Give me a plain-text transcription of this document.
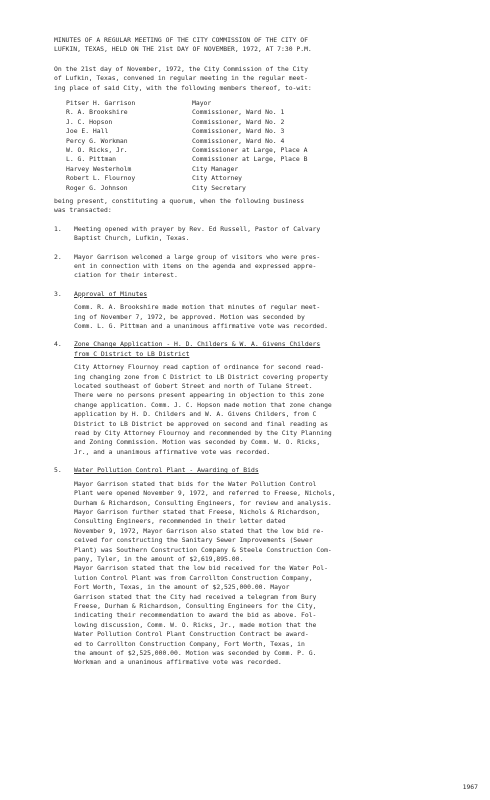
MINUTES OF A REGULAR MEETING OF THE CITY COMMISSION OF THE CITY OF

LUFKIN, TEXAS, HELD ON THE 21st DAY OF NOVEMBER, 1972, AT 7:30 P.M.

On the 21st day of November, 1972, the City Commission of the City

of Lufkin, Texas, convened in regular meeting in the regular meet-

ing place of said City, with the following members thereof, to-wit:

Pitser H. Garrison	Mayor
R. A. Brookshire	Commissioner, Ward No. 1
J. C. Hopson	Commissioner, Ward No. 2
Joe E. Hall	Commissioner, Ward No. 3
Percy G. Workman	Commissioner, Ward No. 4
W. O. Ricks, Jr.	Commissioner at Large, Place A
L. G. Pittman	Commissioner at Large, Place B
Harvey Westerholm	City Manager
Robert L. Flournoy	City Attorney
Roger G. Johnson	City Secretary

being present, constituting a quorum, when the following business

was transacted:

1.	Meeting opened with prayer by Rev. Ed Russell, Pastor of Calvary

Baptist Church, Lufkin, Texas.

2.	Mayor Garrison welcomed a large group of visitors who were pres-

ent in connection with items on the agenda and expressed appre-

ciation for their interest.

3.	Approval of Minutes

Comm. R. A. Brookshire made motion that minutes of regular meet-

ing of November 7, 1972, be approved. Motion was seconded by

Comm. L. G. Pittman and a unanimous affirmative vote was recorded.

4.	Zone Change Application - H. D. Childers & W. A. Givens Childers

from C District to LB District

City Attorney Flournoy read caption of ordinance for second read-

ing changing zone from C District to LB District covering property

located southeast of Gobert Street and north of Tulane Street.

There were no persons present appearing in objection to this zone

change application. Comm. J. C. Hopson made motion that zone change

application by H. D. Childers and W. A. Givens Childers, from C

District to LB District be approved on second and final reading as

read by City Attorney Flournoy and recommended by the City Planning

and Zoning Commission. Motion was seconded by Comm. W. O. Ricks,

Jr., and a unanimous affirmative vote was recorded.

5.	Water Pollution Control Plant - Awarding of Bids

Mayor Garrison stated that bids for the Water Pollution Control

Plant were opened November 9, 1972, and referred to Freese, Nichols,

Durham & Richardson, Consulting Engineers, for review and analysis.

Mayor Garrison further stated that Freese, Nichols & Richardson,

Consulting Engineers, recommended in their letter dated

November 9, 1972, Mayor Garrison also stated that the low bid re-

ceived for constructing the Sanitary Sewer Improvements (Sewer

Plant) was Southern Construction Company & Steele Construction Com-

pany, Tyler, in the amount of $2,619,895.00.

Mayor Garrison stated that the low bid received for the Water Pol-

lution Control Plant was from Carrollton Construction Company,

Fort Worth, Texas, in the amount of $2,525,000.00. Mayor

Garrison stated that the City had received a telegram from Bury

Freese, Durham & Richardson, Consulting Engineers for the City,

indicating their recommendation to award the bid as above. Fol-

lowing discussion, Comm. W. O. Ricks, Jr., made motion that the

Water Pollution Control Plant Construction Contract be award-

ed to Carrollton Construction Company, Fort Worth, Texas, in

the amount of $2,525,000.00. Motion was seconded by Comm. P. G.

Workman and a unanimous affirmative vote was recorded.

1967
